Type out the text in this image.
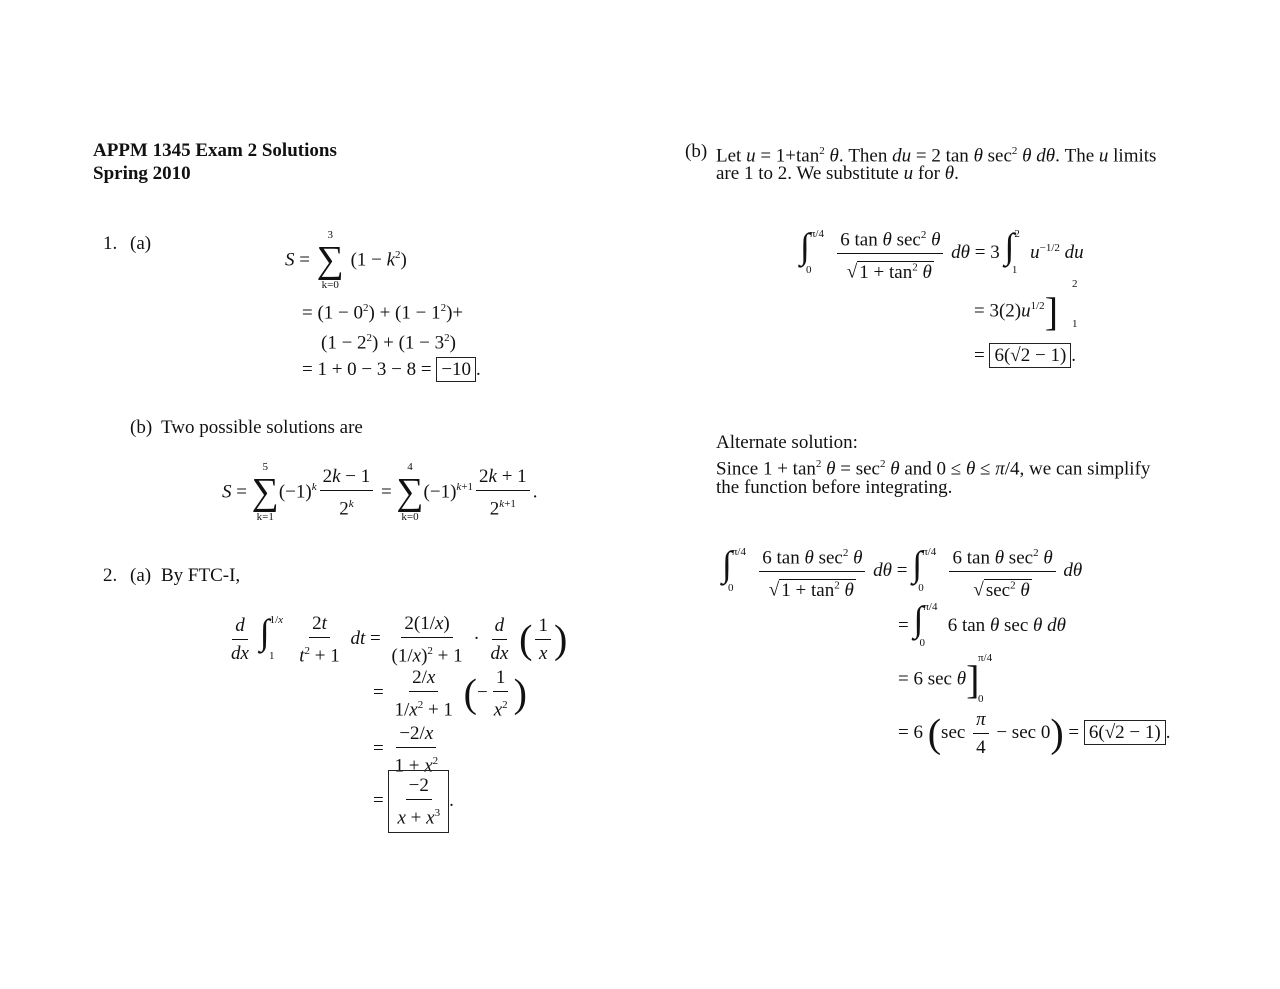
APPM 1345 Exam 2 Solutions
Spring 2010
1. (a)
S =
3
∑
k=0
$(1 - k^2)$
= $(1 - 0^2) + (1 - 1^2)+$
$(1 - 2^2) + (1 - 3^2)$
= 1 + 0 − 3 − 8 = −10 .
(b) Two possible solutions are
S =
5
∑
k=1
$(-1)^k \frac{2k - 1}{2^k}$ =
4
∑
k=0
$(-1)^{k+1} \frac{2k + 1}{2^{k+1}}$ .
2. (a) By FTC-I,
$\frac{d}{dx} \int^{1/x}_1 \frac{2t}{t^2 + 1}$ dt = $\frac{2(1/x)}{(1/x)^2 + 1} \cdot \frac{d}{dx}$ ( $\frac{1}{x}$ )
= $\frac{2/x}{1/x^2 + 1}$ (− $\frac{1}{x^2}$ )
= $\frac{-2/x}{1 + x^2}$
= $\frac{-2}{x + x^3}$ .
(b) Let $u = 1+\tan^2$ θ. Then du = 2 tan θ $\sec^2 \theta$ dθ. The u limits
are 1 to 2. We substitute u for θ.
$\int^{\pi/4}_0 \frac{6 \tan \theta \sec^2 \theta}{√ 1 + \tan^2 \theta}$ dθ = 3 ∫$^2_1$ $u^{-1/2}$ du
= $3(2)u^{1/2}$]
2
1
= 6(√2 − 1) .
Alternate solution:
Since $1 + \tan^2 \theta = \sec^2 \theta$ and 0 ≤ θ ≤ π/4, we can simplify
the function before integrating.
$\int^{\pi/4}_0 \frac{6 \tan \theta \sec^2 \theta}{√ 1 + \tan^2 \theta}$ $d\theta = \int^{\pi/4}_0 \frac{6 \tan \theta \sec^2 \theta}{√ \sec^2 \theta}$ dθ
= ∫$^{\pi/4}_0$ 6 tan θ sec θ dθ
= 6 sec θ]
π/4
0
= 6 $(\sec \frac{\pi}{4} - \sec 0) = 6(√2 - 1)$ .
